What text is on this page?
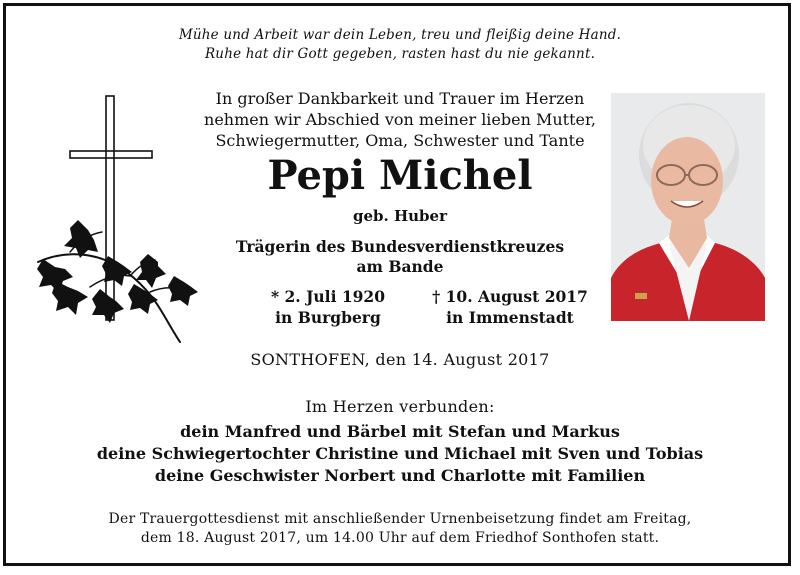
Mühe und Arbeit war dein Leben, treu und fleißig deine Hand.
Ruhe hat dir Gott gegeben, rasten hast du nie gekannt.
In großer Dankbarkeit und Trauer im Herzen
nehmen wir Abschied von meiner lieben Mutter,
Schwiegermutter, Oma, Schwester und Tante
Pepi Michel
geb. Huber
Trägerin des Bundesverdienstkreuzes
am Bande
* 2. Juli 1920
in Burgberg
† 10. August 2017
in Immenstadt
SONTHOFEN, den 14. August 2017
Im Herzen verbunden:
dein Manfred und Bärbel mit Stefan und Markus
deine Schwiegertochter Christine und Michael mit Sven und Tobias
deine Geschwister Norbert und Charlotte mit Familien
Der Trauergottesdienst mit anschließender Urnenbeisetzung findet am Freitag,
dem 18. August 2017, um 14.00 Uhr auf dem Friedhof Sonthofen statt.
